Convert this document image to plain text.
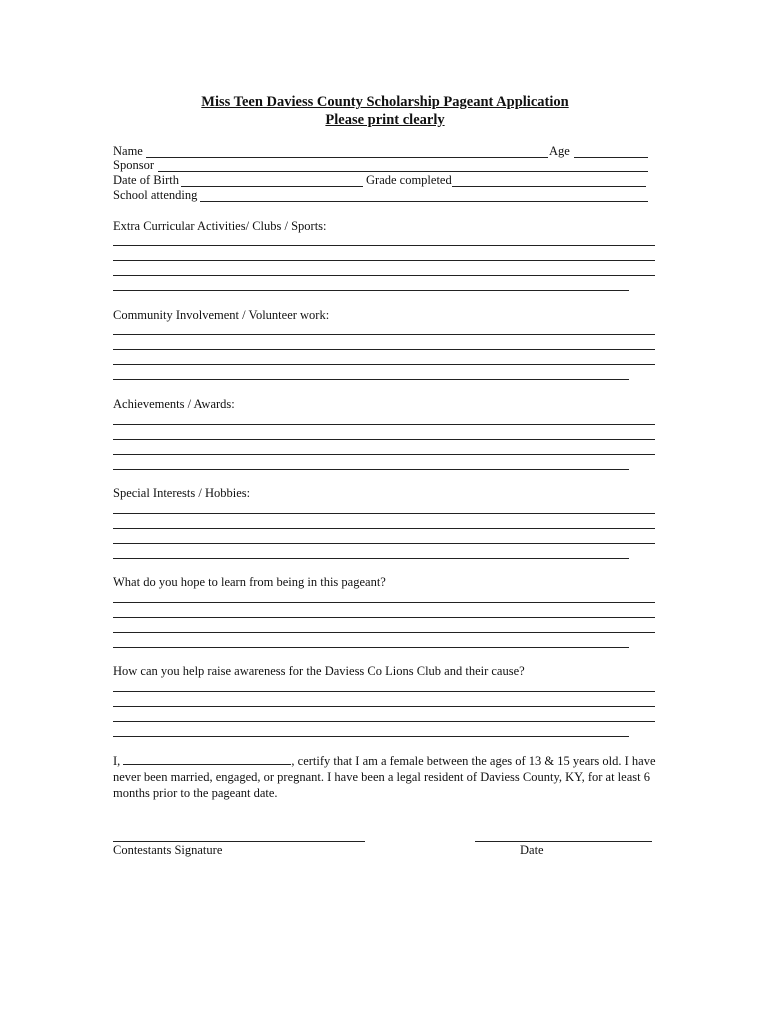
Miss Teen Daviess County Scholarship Pageant Application
Please print clearly
Name	Age
Sponsor
Date of Birth	Grade completed
School attending
Extra Curricular Activities/ Clubs / Sports:
Community Involvement / Volunteer work:
Achievements / Awards:
Special Interests / Hobbies:
What do you hope to learn from being in this pageant?
How can you help raise awareness for the Daviess Co Lions Club and their cause?
I,	, certify that I am a female between the ages of 13 & 15 years old. I have never been married, engaged, or pregnant. I have been a legal resident of Daviess County, KY, for at least 6 months prior to the pageant date.
Contestants Signature	Date
